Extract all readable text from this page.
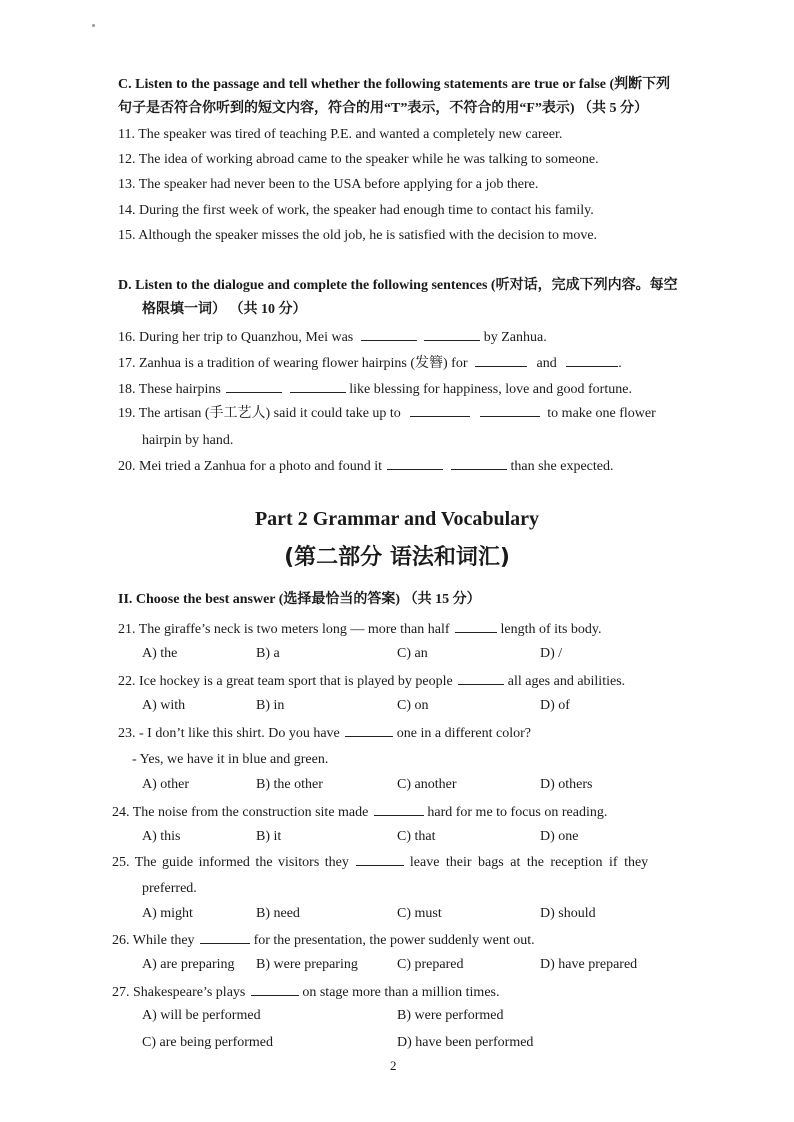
C. Listen to the passage and tell whether the following statements are true or false (判断下列
句子是否符合你听到的短文内容，符合的用“T”表示，不符合的用“F”表示) （共 5 分）
11. The speaker was tired of teaching P.E. and wanted a completely new career.
12. The idea of working abroad came to the speaker while he was talking to someone.
13. The speaker had never been to the USA before applying for a job there.
14. During the first week of work, the speaker had enough time to contact his family.
15. Although the speaker misses the old job, he is satisfied with the decision to move.
D. Listen to the dialogue and complete the following sentences (听对话，完成下列内容。每空
格限填一词） （共 10 分）
16. During her trip to Quanzhou, Mei was	by Zanhua.
17. Zanhua is a tradition of wearing flower hairpins (发簪) for	and	.
18. These hairpins	like blessing for happiness, love and good fortune.
19. The artisan (手工艺人) said it could take up to	to make one flower
hairpin by hand.
20. Mei tried a Zanhua for a photo and found it	than she expected.
Part 2 Grammar and Vocabulary
(第二部分 语法和词汇)
II. Choose the best answer (选择最恰当的答案) （共 15 分）
21. The giraffe’s neck is two meters long — more than half	length of its body.
A) the	B) a	C) an	D) /
22. Ice hockey is a great team sport that is played by people	all ages and abilities.
A) with	B) in	C) on	D) of
23. - I don’t like this shirt. Do you have	one in a different color?
- Yes, we have it in blue and green.
A) other	B) the other	C) another	D) others
24. The noise from the construction site made	hard for me to focus on reading.
A) this	B) it	C) that	D) one
25. The guide informed the visitors they	leave their bags at the reception if they
preferred.
A) might	B) need	C) must	D) should
26. While they	for the presentation, the power suddenly went out.
A) are preparing B) were preparing	C) prepared	D) have prepared
27. Shakespeare’s plays	on stage more than a million times.
A) will be performed	B) were performed
C) are being performed	D) have been performed
2
